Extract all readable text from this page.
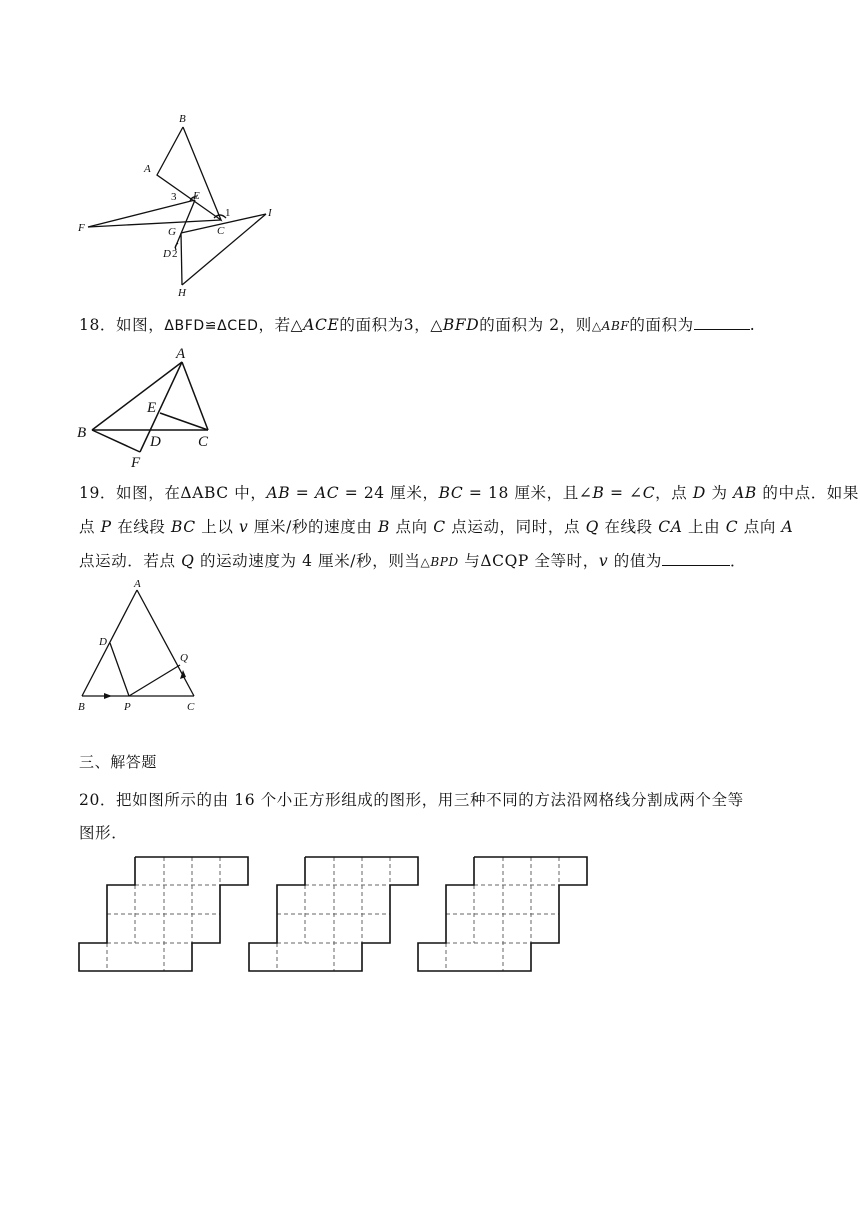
B
A
3 E
1	I
F	G	C
D 2
H
18．如图，ΔBFD≌ΔCED，若△ACE的面积为3，△BFD的面积为 2，则△ABF的面积为	.
A
E
B
D C
F
19．如图，在ΔABC 中，AB = AC = 24 厘米，BC = 18 厘米，且∠B = ∠C，点 D 为 AB 的中点．如果
点 P 在线段 BC 上以 v 厘米/秒的速度由 B 点向 C 点运动，同时，点 Q 在线段 CA 上由 C 点向 A
点运动．若点 Q 的运动速度为 4 厘米/秒，则当△BPD 与ΔCQP 全等时，v 的值为	．
A
D
Q
B	P	C
三、解答题
20．把如图所示的由 16 个小正方形组成的图形，用三种不同的方法沿网格线分割成两个全等
图形．
